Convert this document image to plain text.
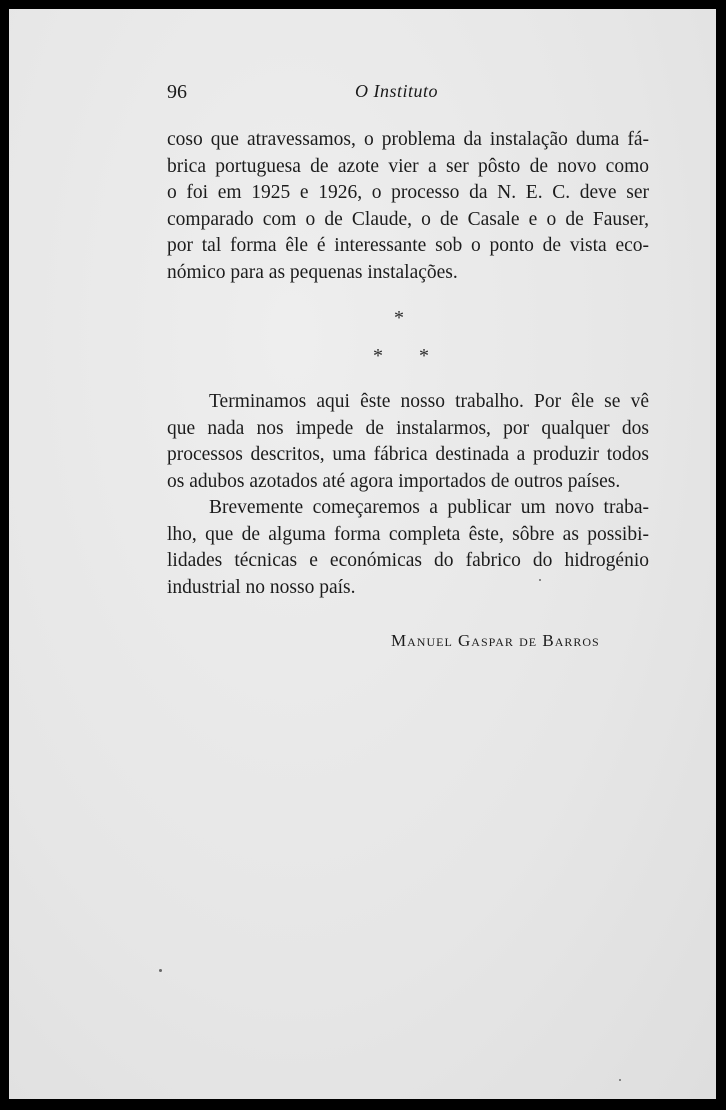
96	O Instituto
coso que atravessamos, o problema da instalação duma fá-
brica portuguesa de azote vier a ser pôsto de novo como
o foi em 1925 e 1926, o processo da N. E. C. deve ser
comparado com o de Claude, o de Casale e o de Fauser,
por tal forma êle é interessante sob o ponto de vista eco-
nómico para as pequenas instalações.
*
* *
Terminamos aqui êste nosso trabalho. Por êle se vê
que nada nos impede de instalarmos, por qualquer dos
processos descritos, uma fábrica destinada a produzir todos
os adubos azotados até agora importados de outros países.
Brevemente começaremos a publicar um novo traba-
lho, que de alguma forma completa êste, sôbre as possibi-
lidades técnicas e económicas do fabrico do hidrogénio
industrial no nosso país.
Manuel Gaspar de Barros
